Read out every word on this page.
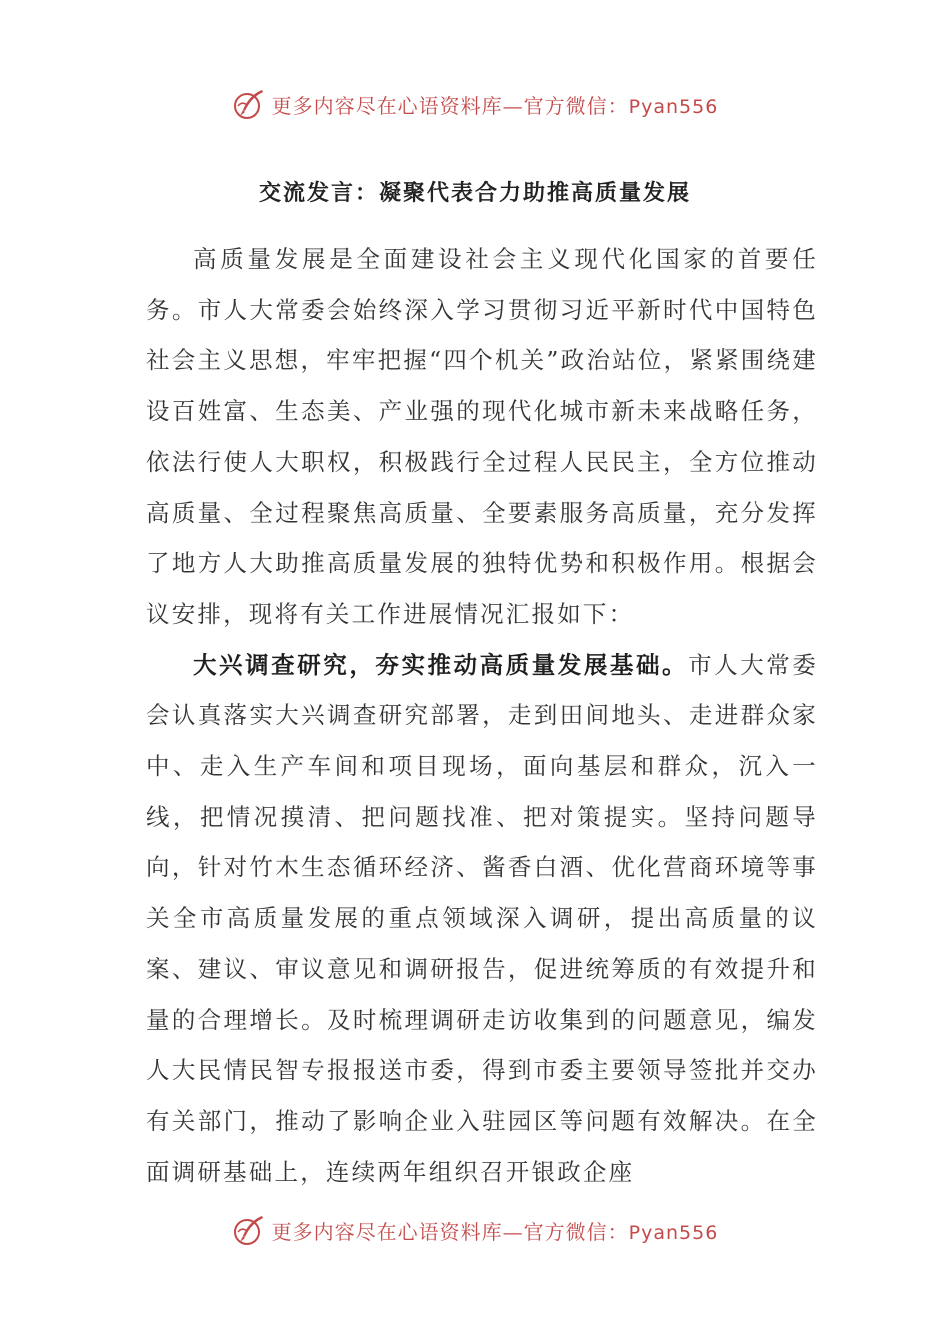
更多内容尽在心语资料库—官方微信：Pyan556
交流发言：凝聚代表合力助推高质量发展

高质量发展是全面建设社会主义现代化国家的首要任务。市人大常委会始终深入学习贯彻习近平新时代中国特色社会主义思想，牢牢把握“四个机关”政治站位，紧紧围绕建设百姓富、生态美、产业强的现代化城市新未来战略任务，依法行使人大职权，积极践行全过程人民民主，全方位推动高质量、全过程聚焦高质量、全要素服务高质量，充分发挥了地方人大助推高质量发展的独特优势和积极作用。根据会议安排，现将有关工作进展情况汇报如下：

大兴调查研究，夯实推动高质量发展基础。市人大常委会认真落实大兴调查研究部署，走到田间地头、走进群众家中、走入生产车间和项目现场，面向基层和群众，沉入一线，把情况摸清、把问题找准、把对策提实。坚持问题导向，针对竹木生态循环经济、酱香白酒、优化营商环境等事关全市高质量发展的重点领域深入调研，提出高质量的议案、建议、审议意见和调研报告，促进统筹质的有效提升和量的合理增长。及时梳理调研走访收集到的问题意见，编发人大民情民智专报报送市委，得到市委主要领导签批并交办有关部门，推动了影响企业入驻园区等问题有效解决。在全面调研基础上，连续两年组织召开银政企座

更多内容尽在心语资料库—官方微信：Pyan556
